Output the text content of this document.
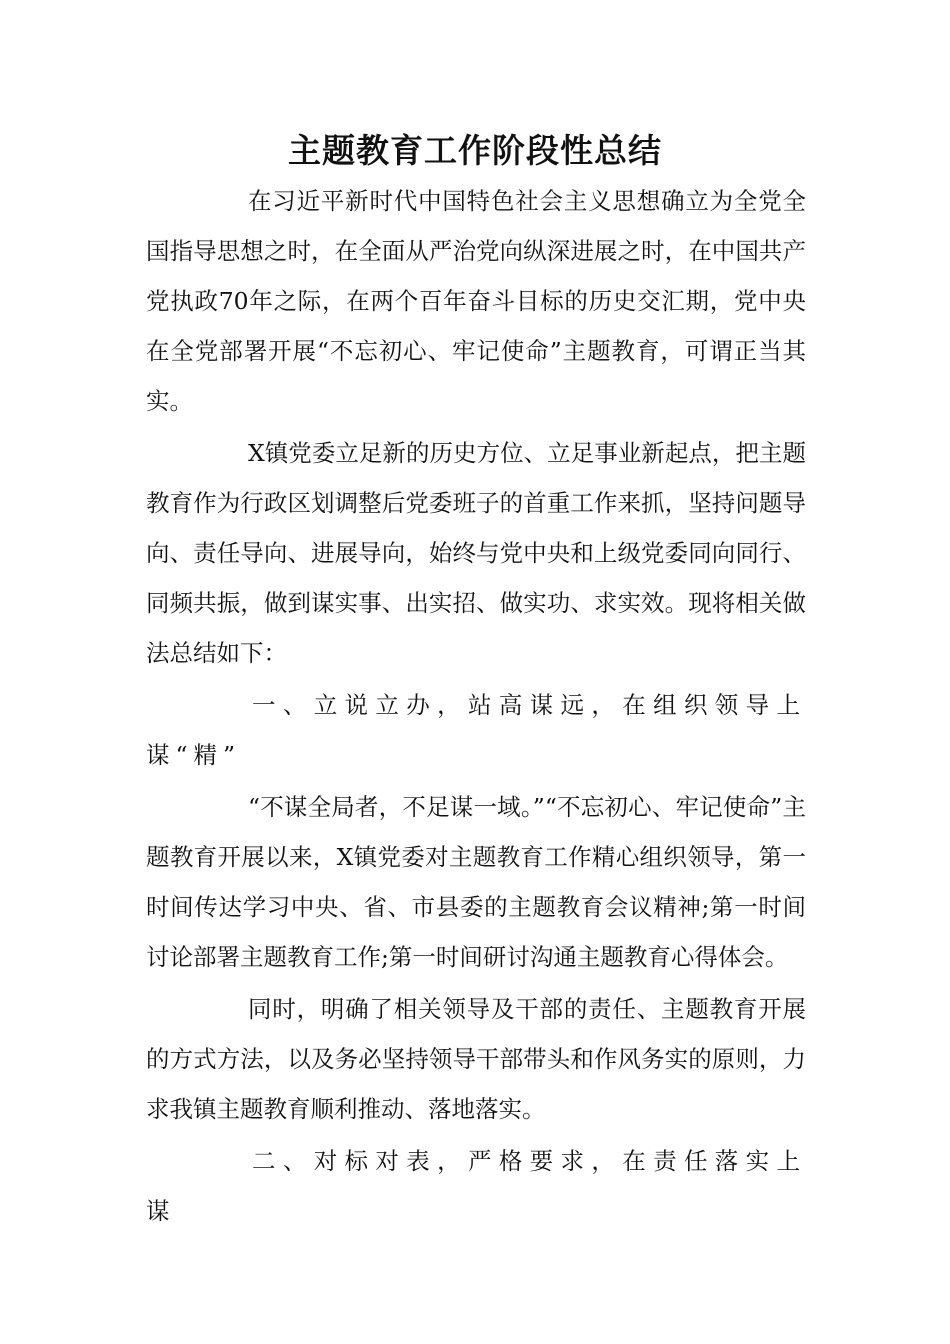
主题教育工作阶段性总结

在习近平新时代中国特色社会主义思想确立为全党全国指导思想之时，在全面从严治党向纵深进展之时，在中国共产党执政70年之际，在两个百年奋斗目标的历史交汇期，党中央在全党部署开展“不忘初心、牢记使命”主题教育，可谓正当其实。

X镇党委立足新的历史方位、立足事业新起点，把主题教育作为行政区划调整后党委班子的首重工作来抓，坚持问题导向、责任导向、进展导向，始终与党中央和上级党委同向同行、同频共振，做到谋实事、出实招、做实功、求实效。现将相关做法总结如下：

一、立说立办，站高谋远，在组织领导上谋“精”

“不谋全局者，不足谋一域。”“不忘初心、牢记使命”主题教育开展以来，X镇党委对主题教育工作精心组织领导，第一时间传达学习中央、省、市县委的主题教育会议精神;第一时间讨论部署主题教育工作;第一时间研讨沟通主题教育心得体会。

同时，明确了相关领导及干部的责任、主题教育开展的方式方法，以及务必坚持领导干部带头和作风务实的原则，力求我镇主题教育顺利推动、落地落实。

二、对标对表，严格要求，在责任落实上谋
